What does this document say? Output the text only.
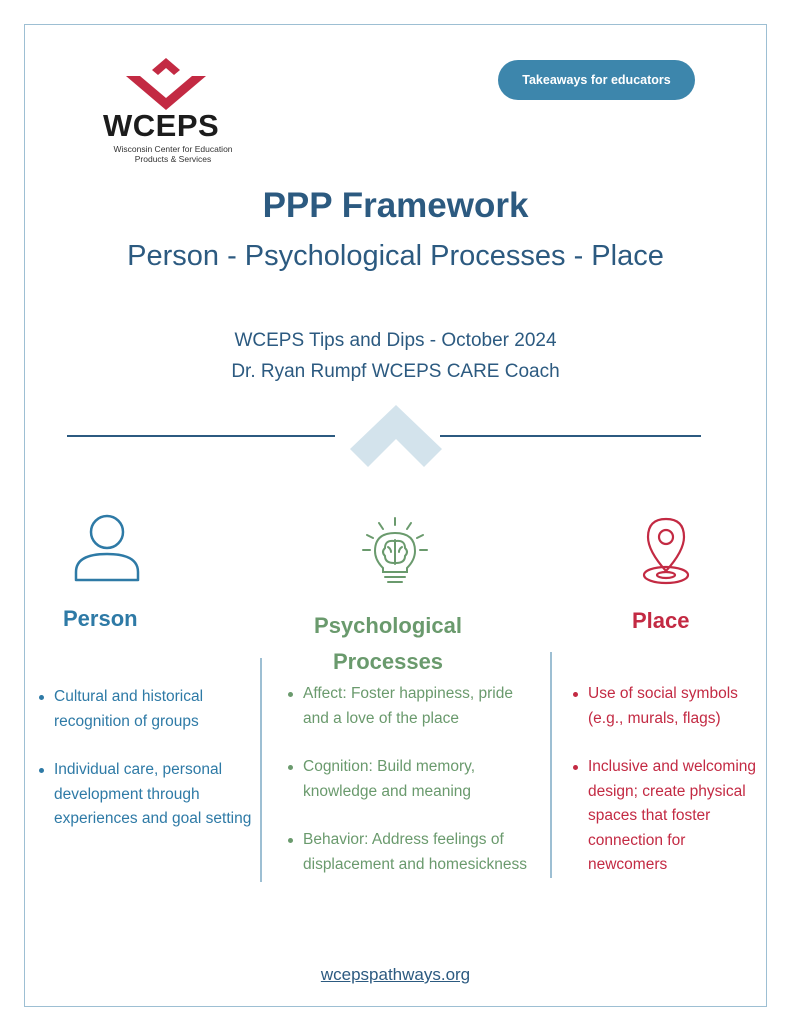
WCEPS
Wisconsin Center for Education Products & Services
Takeaways for educators
PPP Framework
Person - Psychological Processes - Place
WCEPS Tips and Dips - October 2024
Dr. Ryan Rumpf WCEPS CARE Coach
Person	Psychological
Processes
Place
Cultural and historical recognition of groups
Individual care, personal development through experiences and goal setting
Affect: Foster happiness, pride and a love of the place
Cognition: Build memory, knowledge and meaning
Behavior: Address feelings of displacement and homesickness
Use of social symbols (e.g., murals, flags)
Inclusive and welcoming design; create physical spaces that foster connection for newcomers
wcepspathways.org
